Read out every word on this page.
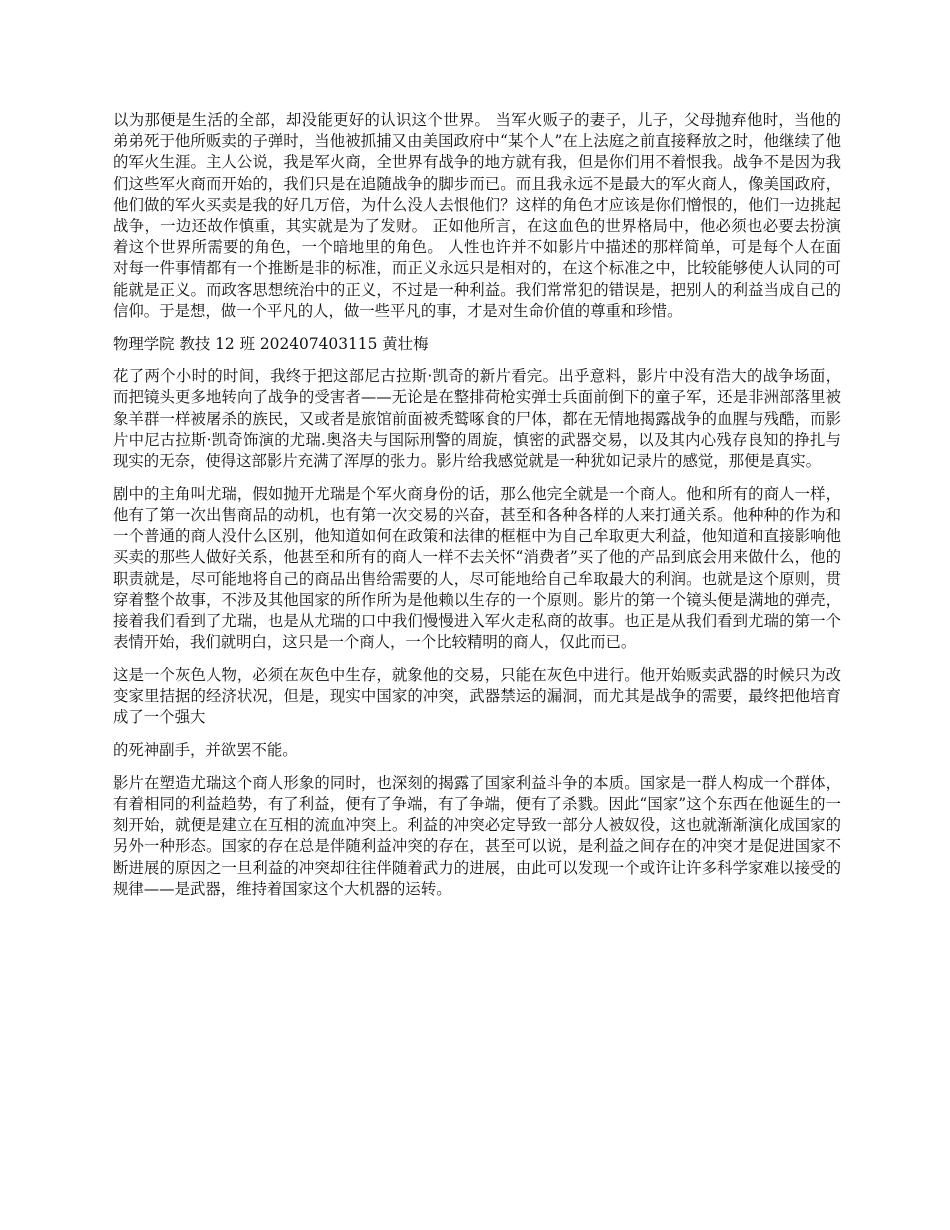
以为那便是生活的全部，却没能更好的认识这个世界。 当军火贩子的妻子，儿子，父母抛弃他时，当他的弟弟死于他所贩卖的子弹时，当他被抓捕又由美国政府中“某个人”在上法庭之前直接释放之时，他继续了他的军火生涯。主人公说，我是军火商，全世界有战争的地方就有我，但是你们用不着恨我。战争不是因为我们这些军火商而开始的，我们只是在追随战争的脚步而已。而且我永远不是最大的军火商人，像美国政府，他们做的军火买卖是我的好几万倍，为什么没人去恨他们？这样的角色才应该是你们憎恨的，他们一边挑起战争，一边还故作慎重，其实就是为了发财。 正如他所言，在这血色的世界格局中，他必须也必要去扮演着这个世界所需要的角色，一个暗地里的角色。 人性也许并不如影片中描述的那样简单，可是每个人在面对每一件事情都有一个推断是非的标准，而正义永远只是相对的，在这个标准之中，比较能够使人认同的可能就是正义。而政客思想统治中的正义，不过是一种利益。我们常常犯的错误是，把别人的利益当成自己的信仰。于是想，做一个平凡的人，做一些平凡的事，才是对生命价值的尊重和珍惜。

物理学院 教技 12 班 202407403115 黄壮梅

花了两个小时的时间，我终于把这部尼古拉斯·凯奇的新片看完。出乎意料，影片中没有浩大的战争场面，而把镜头更多地转向了战争的受害者——无论是在整排荷枪实弹士兵面前倒下的童子军，还是非洲部落里被象羊群一样被屠杀的族民，又或者是旅馆前面被秃鹫啄食的尸体，都在无情地揭露战争的血腥与残酷，而影片中尼古拉斯·凯奇饰演的尤瑞.奥洛夫与国际刑警的周旋，慎密的武器交易，以及其内心残存良知的挣扎与现实的无奈，使得这部影片充满了浑厚的张力。影片给我感觉就是一种犹如记录片的感觉，那便是真实。

剧中的主角叫尤瑞，假如抛开尤瑞是个军火商身份的话，那么他完全就是一个商人。他和所有的商人一样，他有了第一次出售商品的动机，也有第一次交易的兴奋，甚至和各种各样的人来打通关系。他种种的作为和一个普通的商人没什么区别，他知道如何在政策和法律的框框中为自己牟取更大利益，他知道和直接影响他买卖的那些人做好关系，他甚至和所有的商人一样不去关怀“消费者”买了他的产品到底会用来做什么，他的职责就是，尽可能地将自己的商品出售给需要的人，尽可能地给自己牟取最大的利润。也就是这个原则，贯穿着整个故事，不涉及其他国家的所作所为是他赖以生存的一个原则。影片的第一个镜头便是满地的弹壳，接着我们看到了尤瑞，也是从尤瑞的口中我们慢慢进入军火走私商的故事。也正是从我们看到尤瑞的第一个表情开始，我们就明白，这只是一个商人，一个比较精明的商人，仅此而已。

这是一个灰色人物，必须在灰色中生存，就象他的交易，只能在灰色中进行。他开始贩卖武器的时候只为改变家里拮据的经济状况，但是，现实中国家的冲突，武器禁运的漏洞，而尤其是战争的需要，最终把他培育成了一个强大

的死神副手，并欲罢不能。

影片在塑造尤瑞这个商人形象的同时，也深刻的揭露了国家利益斗争的本质。国家是一群人构成一个群体，有着相同的利益趋势，有了利益，便有了争端，有了争端，便有了杀戮。因此“国家”这个东西在他诞生的一刻开始，就便是建立在互相的流血冲突上。利益的冲突必定导致一部分人被奴役，这也就渐渐演化成国家的另外一种形态。国家的存在总是伴随利益冲突的存在，甚至可以说，是利益之间存在的冲突才是促进国家不断进展的原因之一旦利益的冲突却往往伴随着武力的进展，由此可以发现一个或许让许多科学家难以接受的规律——是武器，维持着国家这个大机器的运转。
